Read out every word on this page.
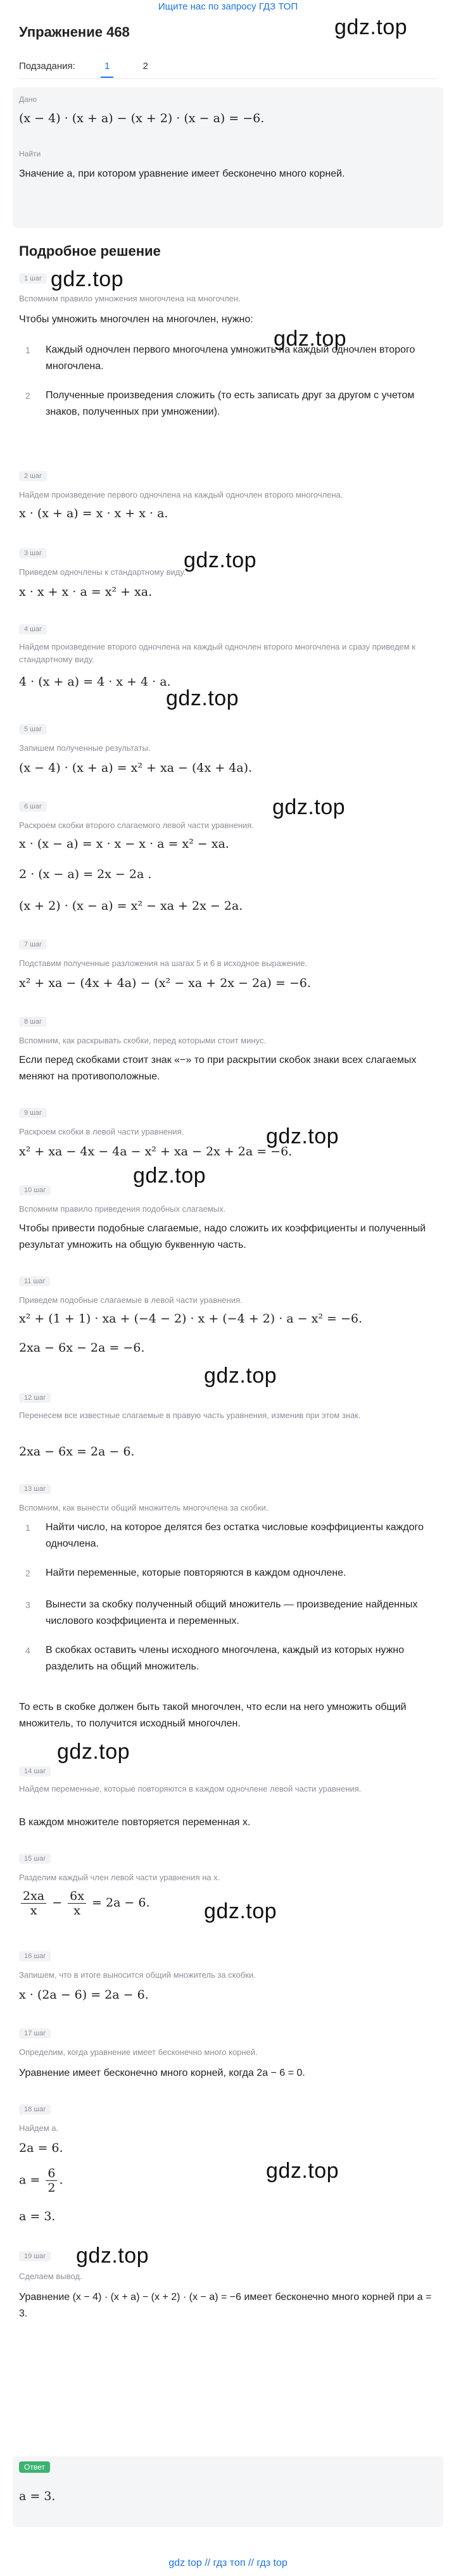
Ищите нас по запросу ГДЗ ТОП
gdz.top
Упражнение 468
Подзадания:	1	2
Дано
(x − 4) · (x + a) − (x + 2) · (x − a) = −6.
Найти
Значение a, при котором уравнение имеет бесконечно много корней.
Подробное решение
1 шаг gdz.top
Вспомним правило умножения многочлена на многочлен.
Чтобы умножить многочлен на многочлен, нужно:
gdz.top
1 Каждый одночлен первого многочлена умножить на каждый одночлен второго многочлена.
2 Полученные произведения сложить (то есть записать друг за другом с учетом знаков, полученных при умножении).
2 шаг
Найдем произведение первого одночлена на каждый одночлен второго многочлена.
x · (x + a) = x · x + x · a.
3 шаг	gdz.top
Приведем одночлены к стандартному виду.
x · x + x · a = x² + xa.
4 шаг
Найдем произведение второго одночлена на каждый одночлен второго многочлена и сразу приведем к стандартному виду.
4 · (x + a) = 4 · x + 4 · a.
gdz.top
5 шаг
Запишем полученные результаты.
(x − 4) · (x + a) = x² + xa − (4x + 4a).
6 шаг	gdz.top
Раскроем скобки второго слагаемого левой части уравнения.
x · (x − a) = x · x − x · a = x² − xa.
2 · (x − a) = 2x − 2a .
(x + 2) · (x − a) = x² − xa + 2x − 2a.
7 шаг
Подставим полученные разложения на шагах 5 и 6 в исходное выражение.
x² + xa − (4x + 4a) − (x² − xa + 2x − 2a) = −6.
8 шаг
Вспомним, как раскрывать скобки, перед которыми стоит минус.
Если перед скобками стоит знак «−» то при раскрытии скобок знаки всех слагаемых меняют на противоположные.
9 шаг
Раскроем скобки в левой части уравнения.	gdz.top
x² + xa − 4x − 4a − x² + xa − 2x + 2a = −6.
gdz.top
10 шаг
Вспомним правило приведения подобных слагаемых.
Чтобы привести подобные слагаемые, надо сложить их коэффициенты и полученный результат умножить на общую буквенную часть.
11 шаг
Приведем подобные слагаемые в левой части уравнения.
x² + (1 + 1) · xa + (−4 − 2) · x + (−4 + 2) · a − x² = −6.
2xa − 6x − 2a = −6.
gdz.top
12 шаг
Перенесем все известные слагаемые в правую часть уравнения, изменив при этом знак.
2xa − 6x = 2a − 6.
13 шаг
Вспомним, как вынести общий множитель многочлена за скобки.
1 Найти число, на которое делятся без остатка числовые коэффициенты каждого одночлена.
2 Найти переменные, которые повторяются в каждом одночлене.
3 Вынести за скобку полученный общий множитель — произведение найденных числового коэффициента и переменных.
4 В скобках оставить члены исходного многочлена, каждый из которых нужно разделить на общий множитель.
То есть в скобке должен быть такой многочлен, что если на него умножить общий множитель, то получится исходный многочлен.
gdz.top
14 шаг
Найдем переменные, которые повторяются в каждом одночлене левой части уравнения.
В каждом множителе повторяется переменная x.
15 шаг
Разделим каждый член левой части уравнения на x.
$\frac{2xa}{x} - \frac{6x}{x} = 2a - 6$.	gdz.top
16 шаг
Запишем, что в итоге выносится общий множитель за скобки.
x · (2a − 6) = 2a − 6.
17 шаг
Определим, когда уравнение имеет бесконечно много корней.
Уравнение имеет бесконечно много корней, когда 2a − 6 = 0.
18 шаг
Найдем a.
2a = 6.
$a = \frac{6}{2}$ .	gdz.top
a = 3.
gdz.top
19 шаг
Сделаем вывод.
Уравнение (x − 4) · (x + a) − (x + 2) · (x − a) = −6 имеет бесконечно много корней при a = 3.
Ответ
a = 3.
gdz top // гдз топ // гдз top
